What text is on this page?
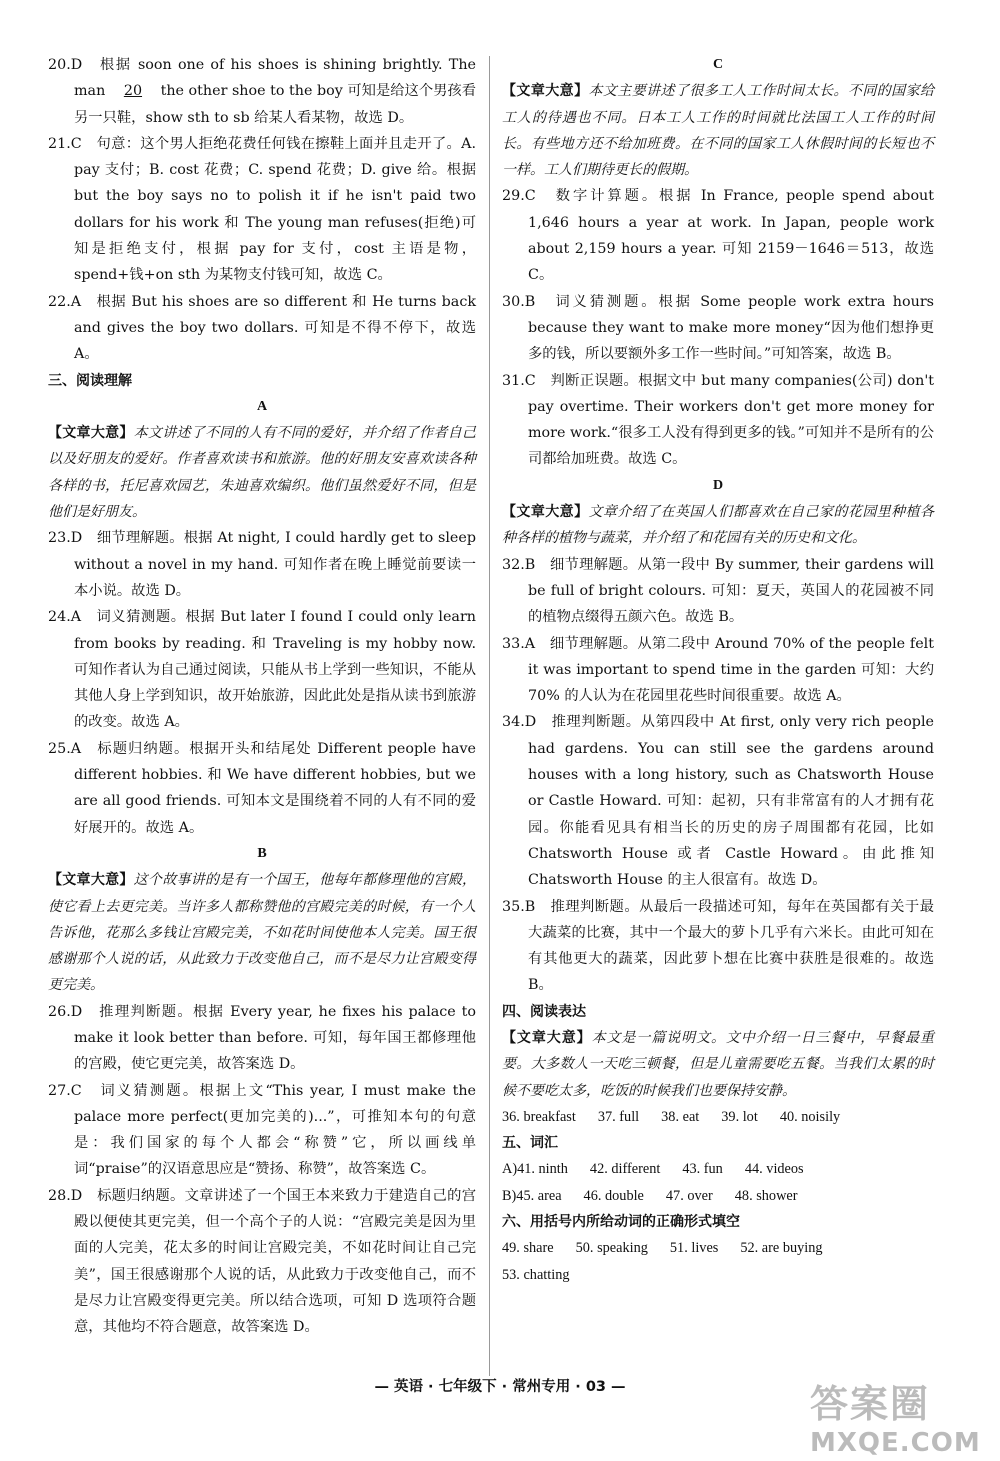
20.D　根据 soon one of his shoes is shining brightly. The man 20 the other shoe to the boy 可知是给这个男孩看另一只鞋，show sth to sb 给某人看某物，故选 D。
21.C　句意：这个男人拒绝花费任何钱在擦鞋上面并且走开了。A. pay 支付；B. cost 花费；C. spend 花费；D. give 给。根据 but the boy says no to polish it if he isn't paid two dollars for his work 和 The young man refuses(拒绝)可知是拒绝支付，根据 pay for 支付，cost 主语是物，spend+钱+on sth 为某物支付钱可知，故选 C。
22.A　根据 But his shoes are so different 和 He turns back and gives the boy two dollars. 可知是不得不停下，故选 A。
三、阅读理解
A
【文章大意】本文讲述了不同的人有不同的爱好，并介绍了作者自己以及好朋友的爱好。作者喜欢读书和旅游。他的好朋友安喜欢读各种各样的书，托尼喜欢园艺，朱迪喜欢编织。他们虽然爱好不同，但是他们是好朋友。
23.D　细节理解题。根据 At night, I could hardly get to sleep without a novel in my hand. 可知作者在晚上睡觉前要读一本小说。故选 D。
24.A　词义猜测题。根据 But later I found I could only learn from books by reading. 和 Traveling is my hobby now. 可知作者认为自己通过阅读，只能从书上学到一些知识，不能从其他人身上学到知识，故开始旅游，因此此处是指从读书到旅游的改变。故选 A。
25.A　标题归纳题。根据开头和结尾处 Different people have different hobbies. 和 We have different hobbies, but we are all good friends. 可知本文是围绕着不同的人有不同的爱好展开的。故选 A。
B
【文章大意】这个故事讲的是有一个国王，他每年都修理他的宫殿，使它看上去更完美。当许多人都称赞他的宫殿完美的时候，有一个人告诉他，花那么多钱让宫殿完美，不如花时间使他本人完美。国王很感谢那个人说的话，从此致力于改变他自己，而不是尽力让宫殿变得更完美。
26.D　推理判断题。根据 Every year, he fixes his palace to make it look better than before. 可知，每年国王都修理他的宫殿，使它更完美，故答案选 D。
27.C　词义猜测题。根据上文“This year, I must make the palace more perfect(更加完美的)...”，可推知本句的句意是：我们国家的每个人都会“称赞”它，所以画线单词“praise”的汉语意思应是“赞扬、称赞”，故答案选 C。
28.D　标题归纳题。文章讲述了一个国王本来致力于建造自己的宫殿以便使其更完美，但一个高个子的人说：“宫殿完美是因为里面的人完美，花太多的时间让宫殿完美，不如花时间让自己完美”，国王很感谢那个人说的话，从此致力于改变他自己，而不是尽力让宫殿变得更完美。所以结合选项，可知 D 选项符合题意，其他均不符合题意，故答案选 D。
C
【文章大意】本文主要讲述了很多工人工作时间太长。不同的国家给工人的待遇也不同。日本工人工作的时间就比法国工人工作的时间长。有些地方还不给加班费。在不同的国家工人休假时间的长短也不一样。工人们期待更长的假期。
29.C　数字计算题。根据 In France, people spend about 1,646 hours a year at work. In Japan, people work about 2,159 hours a year. 可知 2159－1646＝513，故选 C。
30.B　词义猜测题。根据 Some people work extra hours because they want to make more money“因为他们想挣更多的钱，所以要额外多工作一些时间。”可知答案，故选 B。
31.C　判断正误题。根据文中 but many companies(公司) don't pay overtime. Their workers don't get more money for more work.“很多工人没有得到更多的钱。”可知并不是所有的公司都给加班费。故选 C。
D
【文章大意】文章介绍了在英国人们都喜欢在自己家的花园里种植各种各样的植物与蔬菜，并介绍了和花园有关的历史和文化。
32.B　细节理解题。从第一段中 By summer, their gardens will be full of bright colours. 可知：夏天，英国人的花园被不同的植物点缀得五颜六色。故选 B。
33.A　细节理解题。从第二段中 Around 70% of the people felt it was important to spend time in the garden 可知：大约 70% 的人认为在花园里花些时间很重要。故选 A。
34.D　推理判断题。从第四段中 At first, only very rich people had gardens. You can still see the gardens around houses with a long history, such as Chatsworth House or Castle Howard. 可知：起初，只有非常富有的人才拥有花园。你能看见具有相当长的历史的房子周围都有花园，比如 Chatsworth House 或者 Castle Howard。由此推知 Chatsworth House 的主人很富有。故选 D。
35.B　推理判断题。从最后一段描述可知，每年在英国都有关于最大蔬菜的比赛，其中一个最大的萝卜几乎有六米长。由此可知在有其他更大的蔬菜，因此萝卜想在比赛中获胜是很难的。故选 B。
四、阅读表达
【文章大意】本文是一篇说明文。文中介绍一日三餐中，早餐最重要。大多数人一天吃三顿餐，但是儿童需要吃五餐。当我们太累的时候不要吃太多，吃饭的时候我们也要保持安静。
36. breakfast 37. full 38. eat 39. lot 40. noisily
五、词汇
A)41. ninth 42. different 43. fun 44. videos
B)45. area 46. double 47. over 48. shower
六、用括号内所给动词的正确形式填空
49. share 50. speaking 51. lives 52. are buying
53. chatting
— 英语 · 七年级下 · 常州专用 · 03 —	答案圈
MXQE.COM
